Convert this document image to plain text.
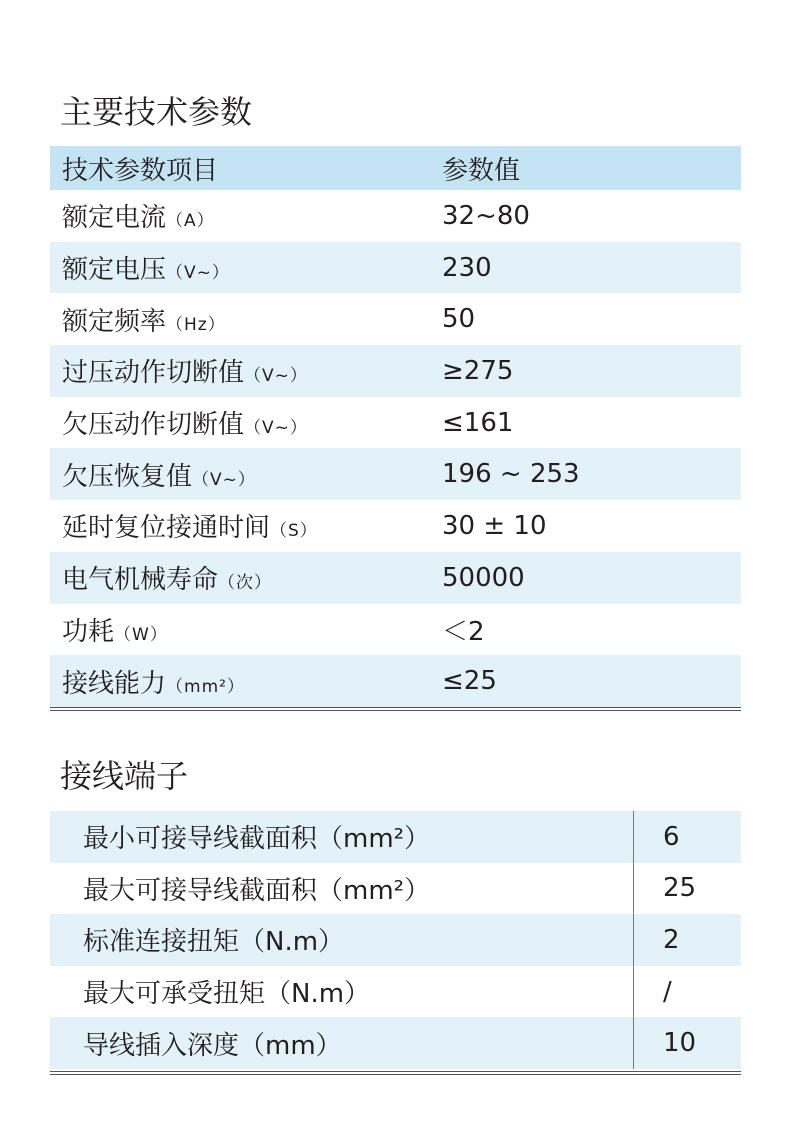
主要技术参数
技术参数项目	参数值
额定电流（A）	32~80
额定电压（V~）	230
额定频率（Hz）	50
过压动作切断值（V~）	≥275
欠压动作切断值（V~）	≤161
欠压恢复值（V~）	196 ~ 253
延时复位接通时间（S）	30 ± 10
电气机械寿命（次）	50000
功耗（W）	＜2
接线能力（mm²）	≤25
接线端子
最小可接导线截面积（mm²）	6
最大可接导线截面积（mm²）	25
标准连接扭矩（N.m）	2
最大可承受扭矩（N.m）	/
导线插入深度（mm）	10
